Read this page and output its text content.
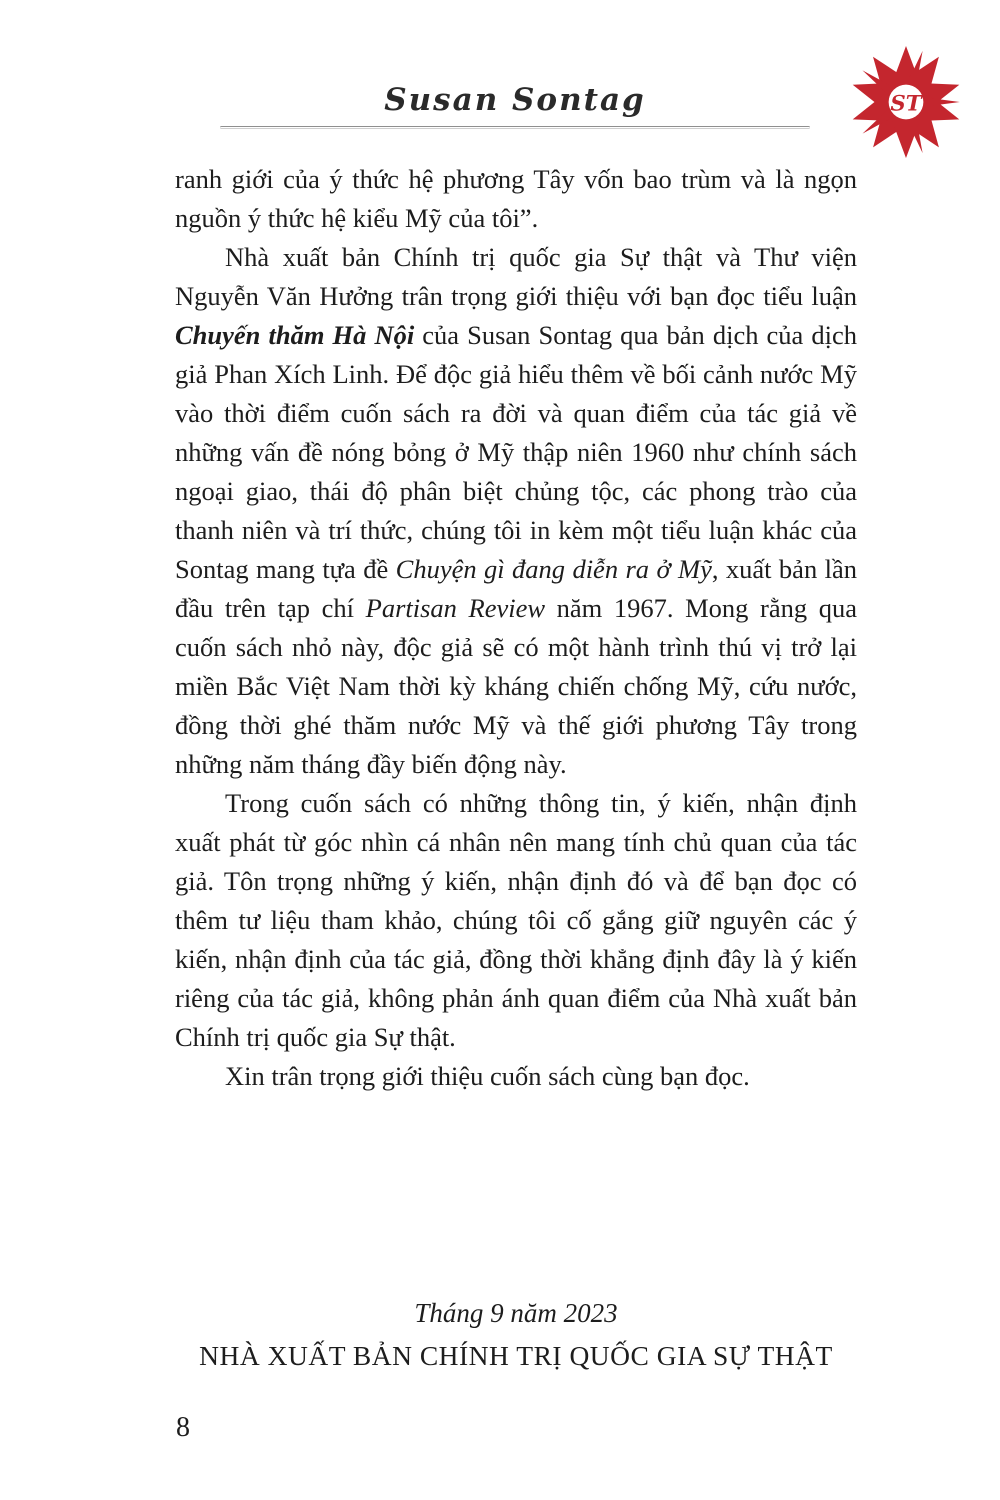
Susan Sontag	ST

ranh giới của ý thức hệ phương Tây vốn bao trùm và là ngọn nguồn ý thức hệ kiểu Mỹ của tôi”.

Nhà xuất bản Chính trị quốc gia Sự thật và Thư viện Nguyễn Văn Hưởng trân trọng giới thiệu với bạn đọc tiểu luận Chuyến thăm Hà Nội của Susan Sontag qua bản dịch của dịch giả Phan Xích Linh. Để độc giả hiểu thêm về bối cảnh nước Mỹ vào thời điểm cuốn sách ra đời và quan điểm của tác giả về những vấn đề nóng bỏng ở Mỹ thập niên 1960 như chính sách ngoại giao, thái độ phân biệt chủng tộc, các phong trào của thanh niên và trí thức, chúng tôi in kèm một tiểu luận khác của Sontag mang tựa đề Chuyện gì đang diễn ra ở Mỹ, xuất bản lần đầu trên tạp chí Partisan Review năm 1967. Mong rằng qua cuốn sách nhỏ này, độc giả sẽ có một hành trình thú vị trở lại miền Bắc Việt Nam thời kỳ kháng chiến chống Mỹ, cứu nước, đồng thời ghé thăm nước Mỹ và thế giới phương Tây trong những năm tháng đầy biến động này.

Trong cuốn sách có những thông tin, ý kiến, nhận định xuất phát từ góc nhìn cá nhân nên mang tính chủ quan của tác giả. Tôn trọng những ý kiến, nhận định đó và để bạn đọc có thêm tư liệu tham khảo, chúng tôi cố gắng giữ nguyên các ý kiến, nhận định của tác giả, đồng thời khẳng định đây là ý kiến riêng của tác giả, không phản ánh quan điểm của Nhà xuất bản Chính trị quốc gia Sự thật.

Xin trân trọng giới thiệu cuốn sách cùng bạn đọc.

Tháng 9 năm 2023
NHÀ XUẤT BẢN CHÍNH TRỊ QUỐC GIA SỰ THẬT
8
